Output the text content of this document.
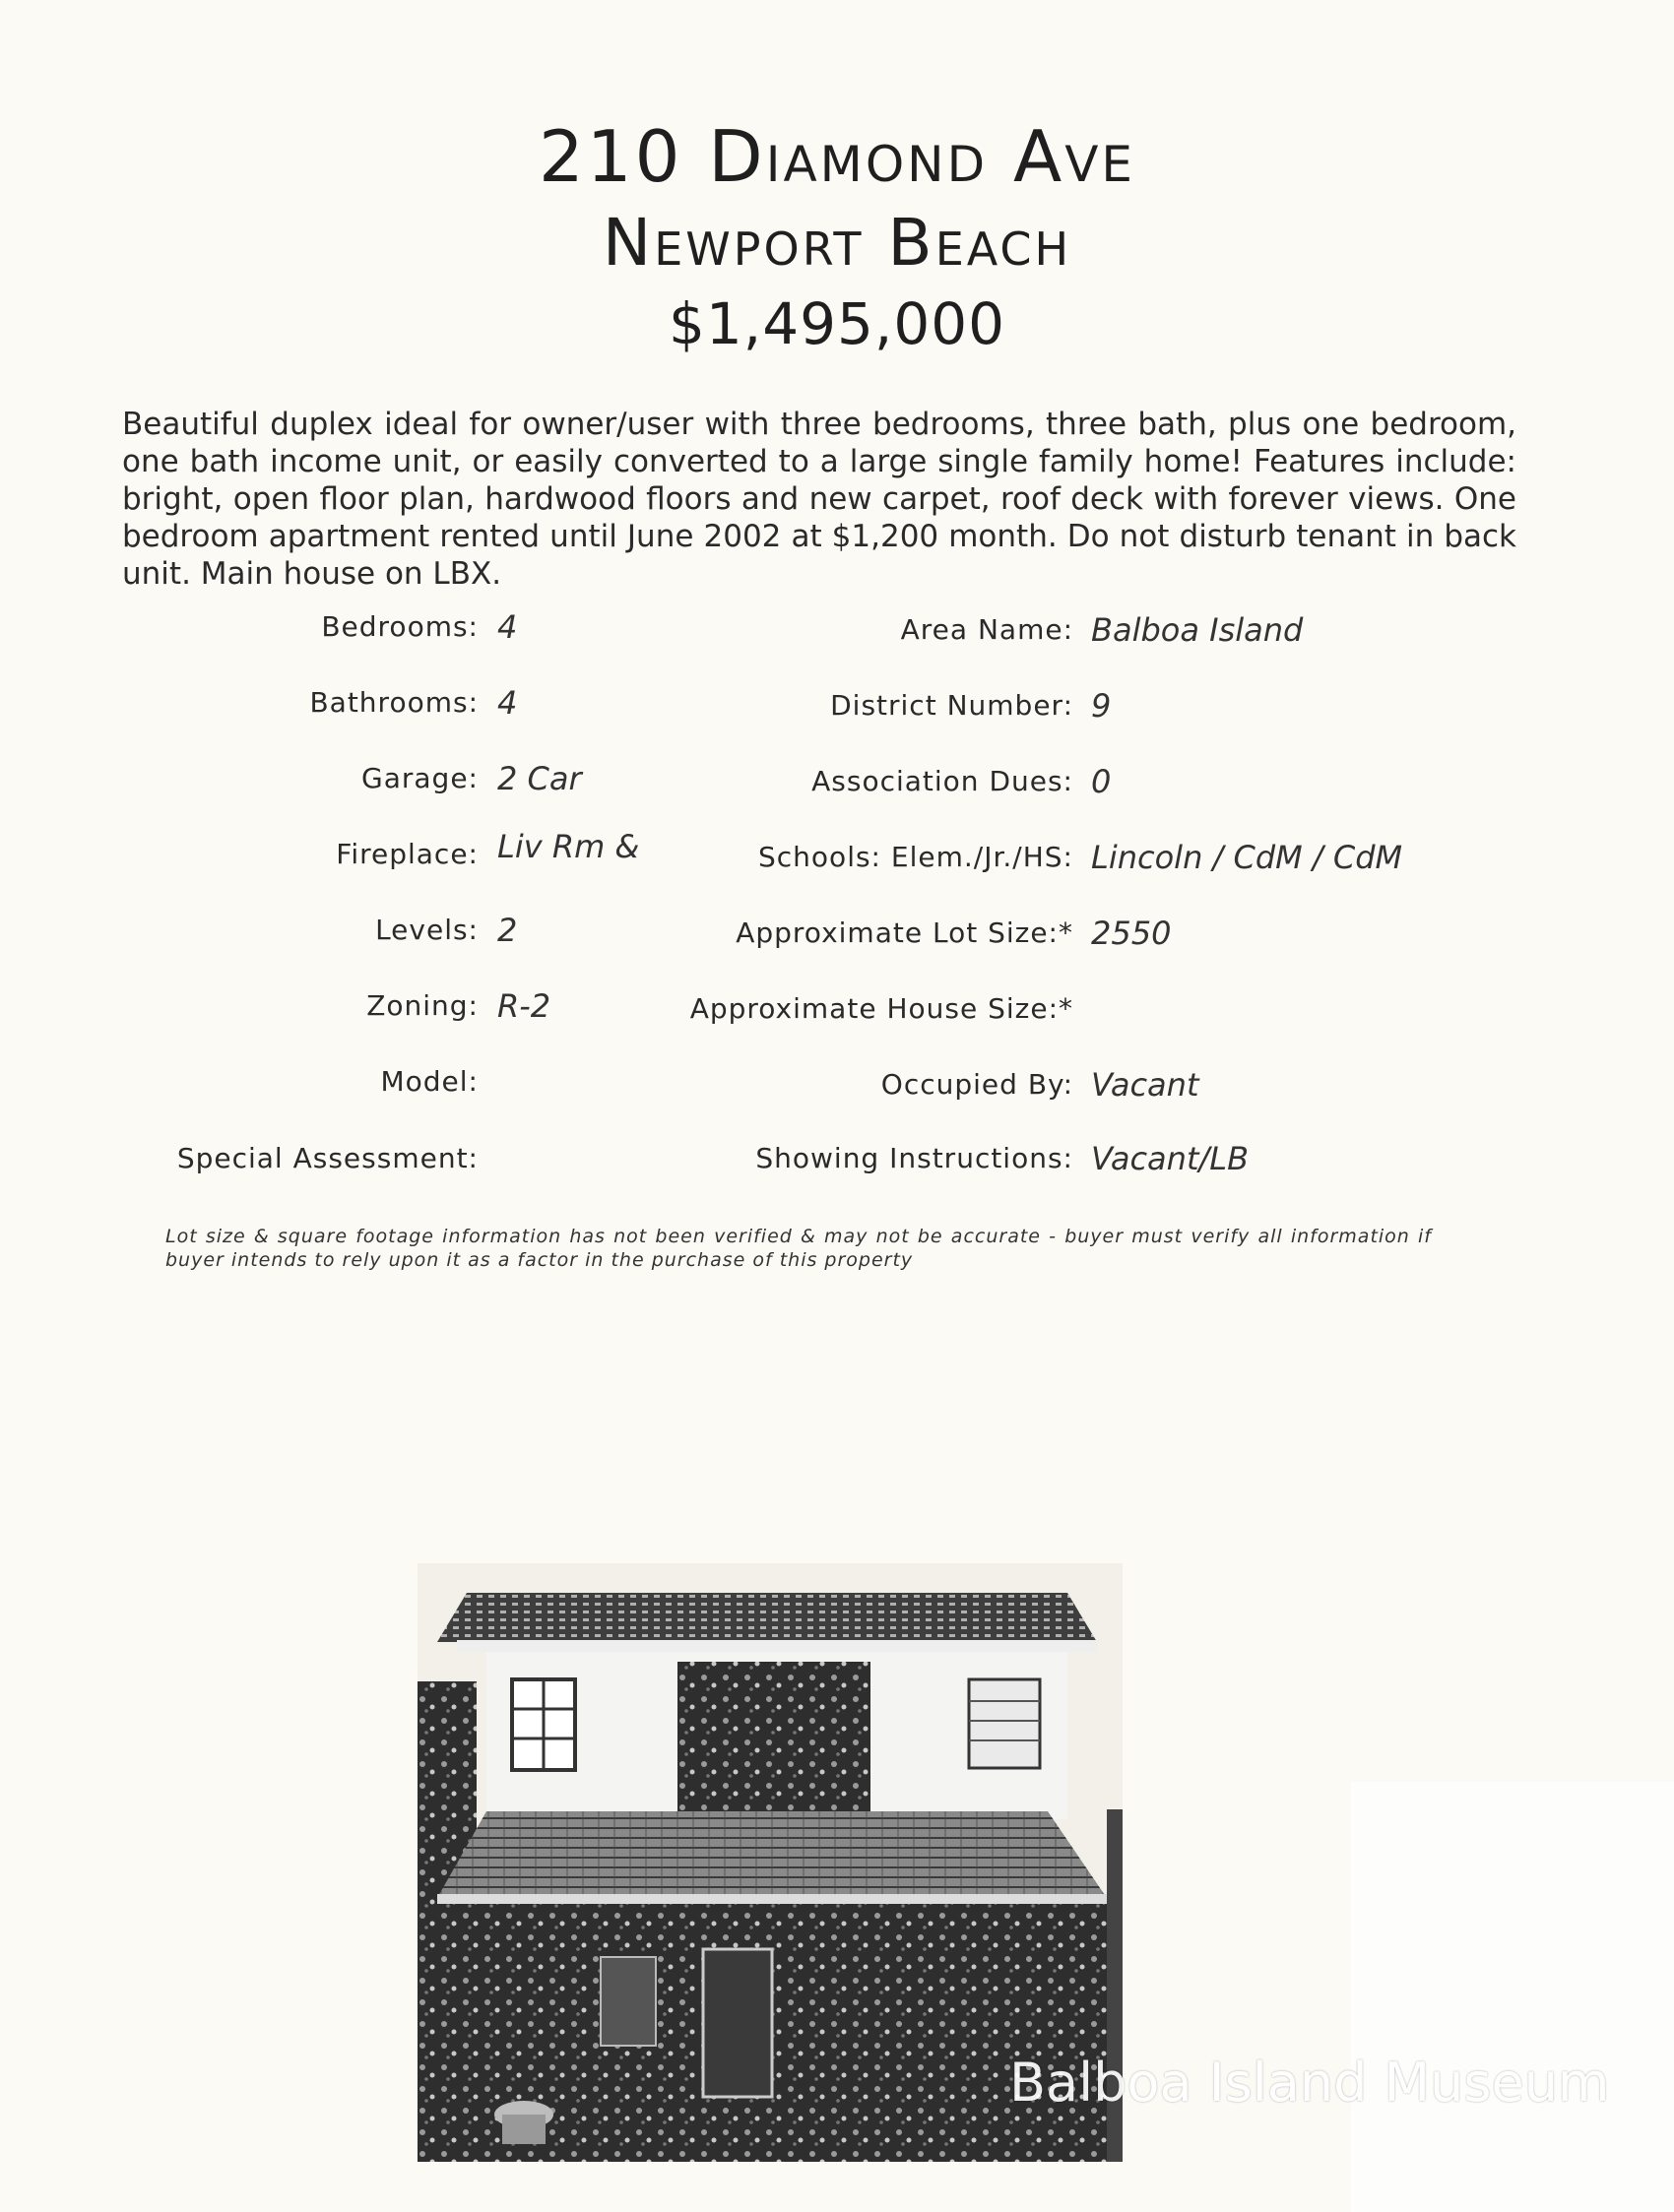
210 Diamond Ave
Newport Beach
$1,495,000
Beautiful duplex ideal for owner/user with three bedrooms, three bath, plus one bedroom, one bath income unit, or easily converted to a large single family home! Features include: bright, open floor plan, hardwood floors and new carpet, roof deck with forever views. One bedroom apartment rented until June 2002 at $1,200 month. Do not disturb tenant in back unit. Main house on LBX.
Bedrooms: 4
Bathrooms: 4
Garage: 2 Car
Fireplace: Liv Rm &
Levels: 2
Zoning: R-2
Model:
Special Assessment:
Area Name: Balboa Island
District Number: 9
Association Dues: 0
Schools: Elem./Jr./HS: Lincoln / CdM / CdM
Approximate Lot Size:* 2550
Approximate House Size:*
Occupied By: Vacant
Showing Instructions: Vacant/LB
Lot size & square footage information has not been verified & may not be accurate - buyer must verify all information if buyer intends to rely upon it as a factor in the purchase of this property
Balboa Island Museum
